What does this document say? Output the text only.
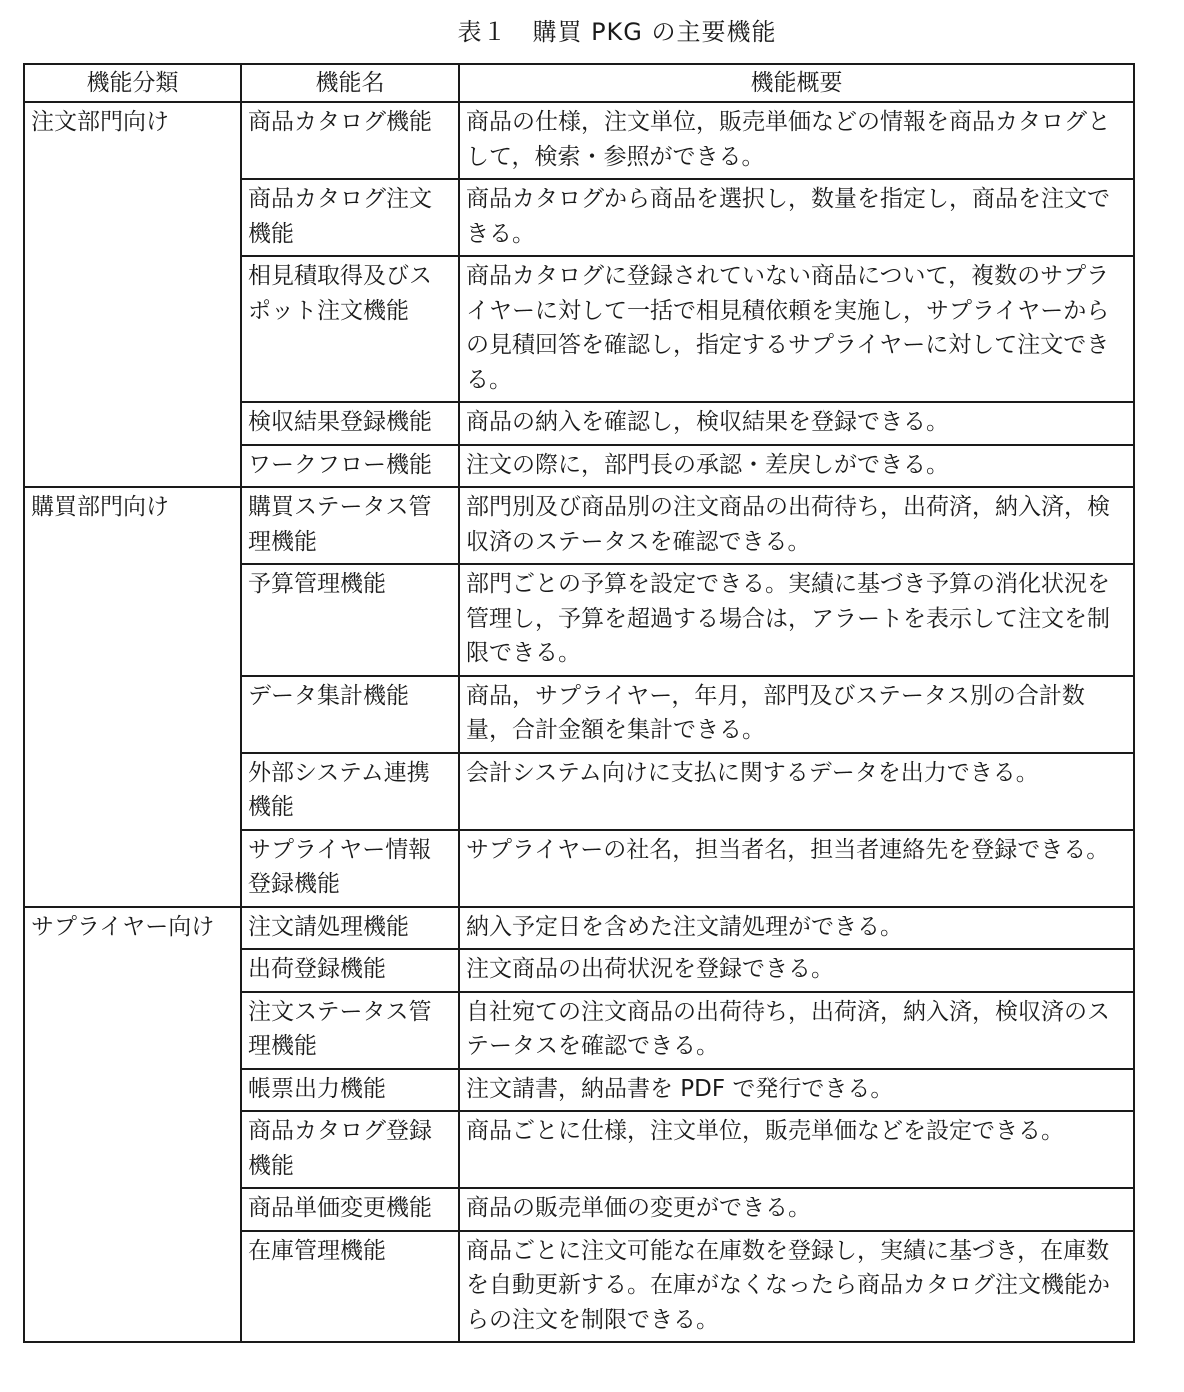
表１　購買 PKG の主要機能
機能分類	機能名	機能概要
注文部門向け	商品カタログ機能	商品の仕様，注文単位，販売単価などの情報を商品カタログとして，検索・参照ができる。
	商品カタログ注文機能	商品カタログから商品を選択し，数量を指定し，商品を注文できる。
	相見積取得及びスポット注文機能	商品カタログに登録されていない商品について，複数のサプライヤーに対して一括で相見積依頼を実施し，サプライヤーからの見積回答を確認し，指定するサプライヤーに対して注文できる。
	検収結果登録機能	商品の納入を確認し，検収結果を登録できる。
	ワークフロー機能	注文の際に，部門長の承認・差戻しができる。
購買部門向け	購買ステータス管理機能	部門別及び商品別の注文商品の出荷待ち，出荷済，納入済，検収済のステータスを確認できる。
	予算管理機能	部門ごとの予算を設定できる。実績に基づき予算の消化状況を管理し，予算を超過する場合は，アラートを表示して注文を制限できる。
	データ集計機能	商品，サプライヤー，年月，部門及びステータス別の合計数量，合計金額を集計できる。
	外部システム連携機能	会計システム向けに支払に関するデータを出力できる。
	サプライヤー情報登録機能	サプライヤーの社名，担当者名，担当者連絡先を登録できる。
サプライヤー向け	注文請処理機能	納入予定日を含めた注文請処理ができる。
	出荷登録機能	注文商品の出荷状況を登録できる。
	注文ステータス管理機能	自社宛ての注文商品の出荷待ち，出荷済，納入済，検収済のステータスを確認できる。
	帳票出力機能	注文請書，納品書を PDF で発行できる。
	商品カタログ登録機能	商品ごとに仕様，注文単位，販売単価などを設定できる。
	商品単価変更機能	商品の販売単価の変更ができる。
	在庫管理機能	商品ごとに注文可能な在庫数を登録し，実績に基づき，在庫数を自動更新する。在庫がなくなったら商品カタログ注文機能からの注文を制限できる。
